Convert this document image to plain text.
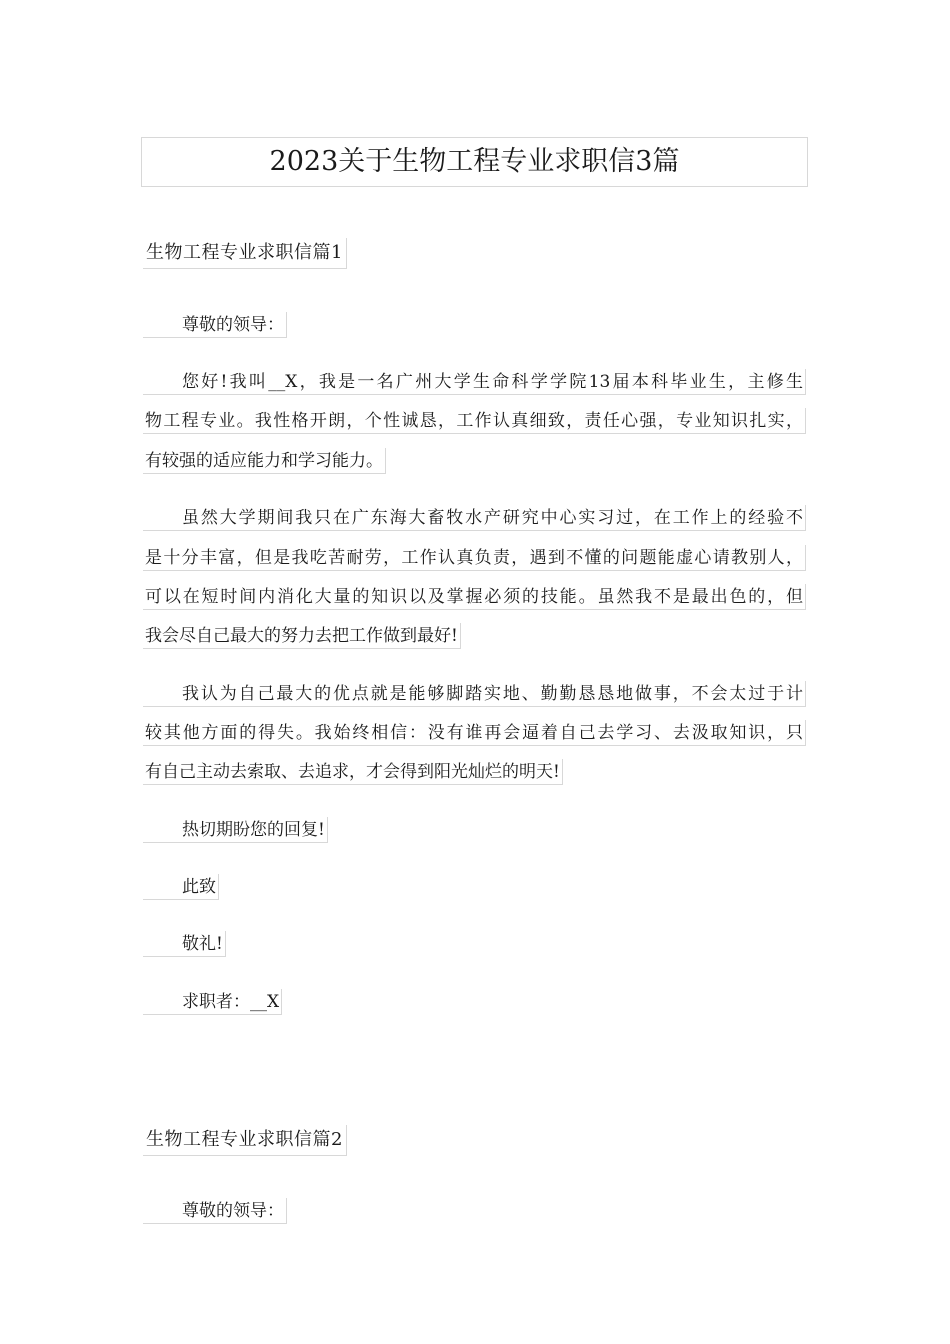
2023关于生物工程专业求职信3篇
生物工程专业求职信篇1
尊敬的领导：
您好!我叫__X，我是一名广州大学生命科学学院13届本科毕业生，主修生
物工程专业。我性格开朗，个性诚恳，工作认真细致，责任心强，专业知识扎实，
有较强的适应能力和学习能力。
虽然大学期间我只在广东海大畜牧水产研究中心实习过，在工作上的经验不
是十分丰富，但是我吃苦耐劳，工作认真负责，遇到不懂的问题能虚心请教别人，
可以在短时间内消化大量的知识以及掌握必须的技能。虽然我不是最出色的，但
我会尽自己最大的努力去把工作做到最好!
我认为自己最大的优点就是能够脚踏实地、勤勤恳恳地做事，不会太过于计
较其他方面的得失。我始终相信：没有谁再会逼着自己去学习、去汲取知识，只
有自己主动去索取、去追求，才会得到阳光灿烂的明天!
热切期盼您的回复!
此致
敬礼!
求职者：__X
生物工程专业求职信篇2
尊敬的领导：
